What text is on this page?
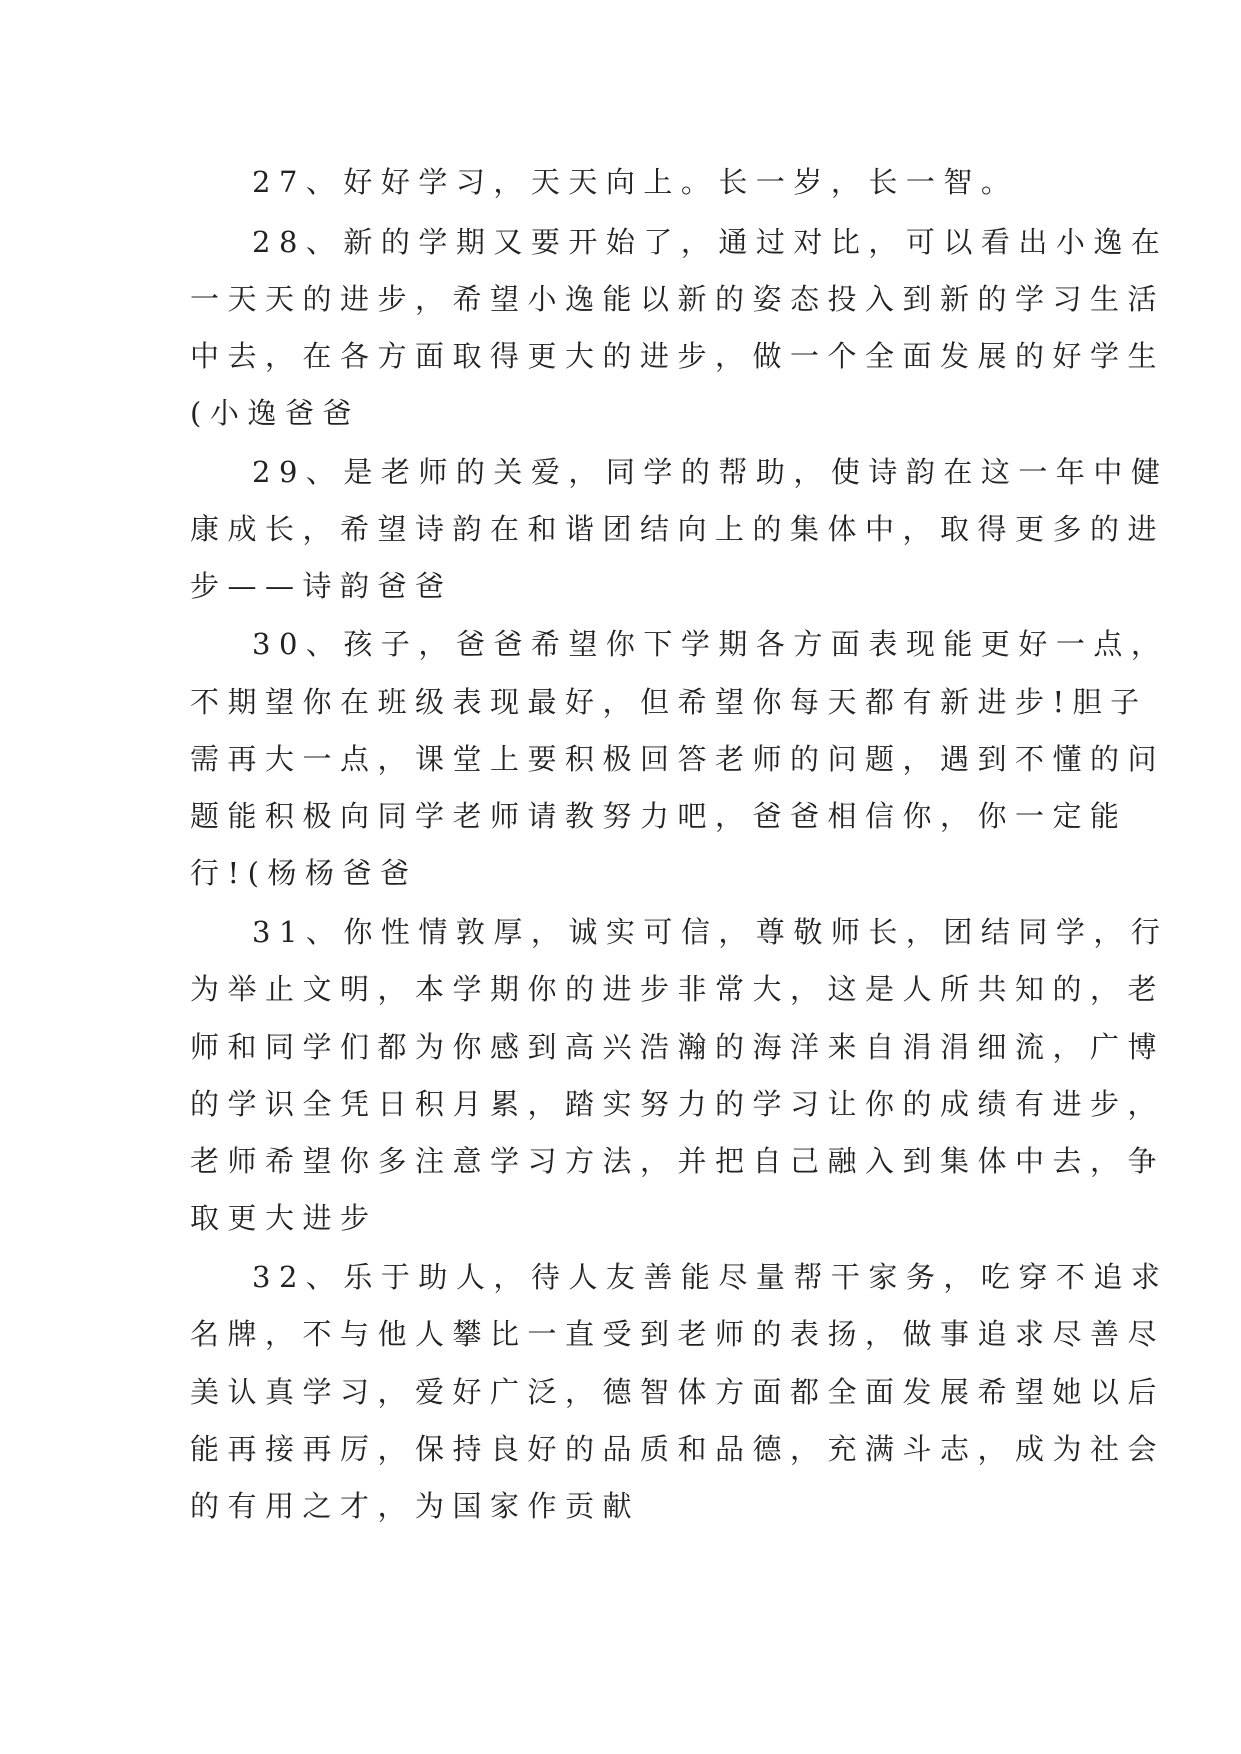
27、好好学习，天天向上。长一岁，长一智。

28、新的学期又要开始了，通过对比，可以看出小逸在

一天天的进步，希望小逸能以新的姿态投入到新的学习生活

中去，在各方面取得更大的进步，做一个全面发展的好学生

(小逸爸爸

29、是老师的关爱，同学的帮助，使诗韵在这一年中健

康成长，希望诗韵在和谐团结向上的集体中，取得更多的进

步——诗韵爸爸

30、孩子，爸爸希望你下学期各方面表现能更好一点，

不期望你在班级表现最好，但希望你每天都有新进步!胆子

需再大一点，课堂上要积极回答老师的问题，遇到不懂的问

题能积极向同学老师请教努力吧，爸爸相信你，你一定能

行!(杨杨爸爸

31、你性情敦厚，诚实可信，尊敬师长，团结同学，行

为举止文明，本学期你的进步非常大，这是人所共知的，老

师和同学们都为你感到高兴浩瀚的海洋来自涓涓细流，广博

的学识全凭日积月累，踏实努力的学习让你的成绩有进步，

老师希望你多注意学习方法，并把自己融入到集体中去，争

取更大进步

32、乐于助人，待人友善能尽量帮干家务，吃穿不追求

名牌，不与他人攀比一直受到老师的表扬，做事追求尽善尽

美认真学习，爱好广泛，德智体方面都全面发展希望她以后

能再接再厉，保持良好的品质和品德，充满斗志，成为社会

的有用之才，为国家作贡献
